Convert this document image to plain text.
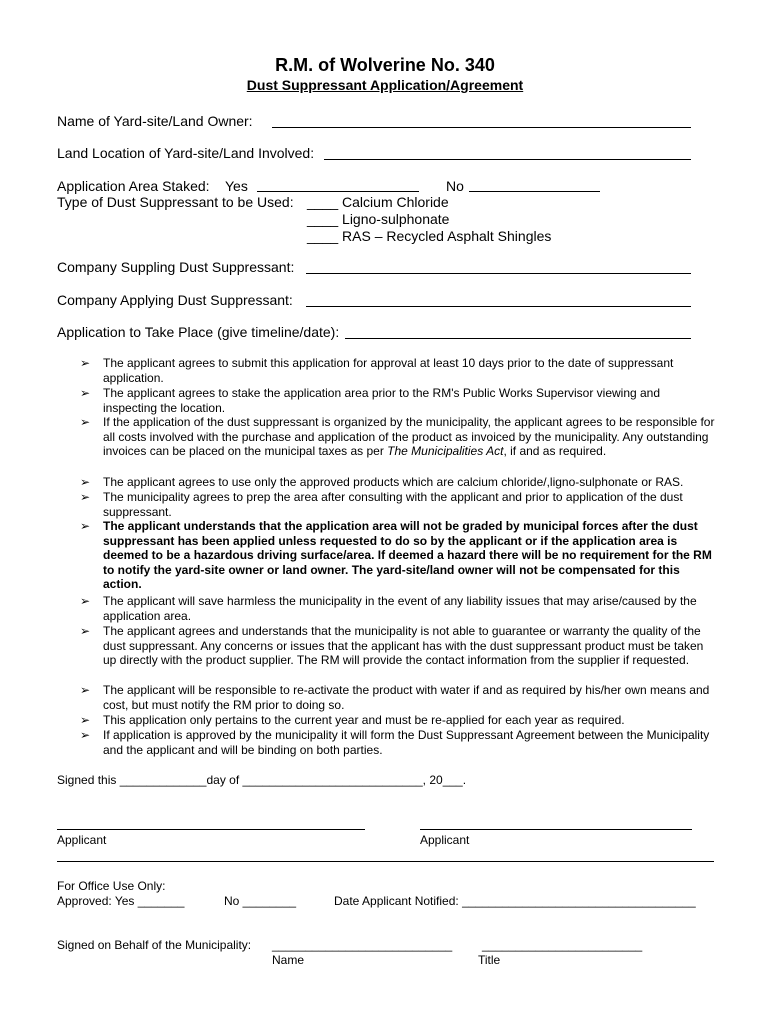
R.M. of Wolverine No. 340
Dust Suppressant Application/Agreement
Name of Yard-site/Land Owner:
Land Location of Yard-site/Land Involved:
Application Area Staked: Yes	No
Type of Dust Suppressant to be Used: ____ Calcium Chloride
____ Ligno-sulphonate
____ RAS – Recycled Asphalt Shingles
Company Suppling Dust Suppressant:
Company Applying Dust Suppressant:
Application to Take Place (give timeline/date):
➢ The applicant agrees to submit this application for approval at least 10 days prior to the date of suppressant application.
➢ The applicant agrees to stake the application area prior to the RM's Public Works Supervisor viewing and inspecting the location.
➢ If the application of the dust suppressant is organized by the municipality, the applicant agrees to be responsible for all costs involved with the purchase and application of the product as invoiced by the municipality. Any outstanding invoices can be placed on the municipal taxes as per The Municipalities Act, if and as required.
➢ The applicant agrees to use only the approved products which are calcium chloride/,ligno-sulphonate or RAS.
➢ The municipality agrees to prep the area after consulting with the applicant and prior to application of the dust suppressant.
➢ The applicant understands that the application area will not be graded by municipal forces after the dust suppressant has been applied unless requested to do so by the applicant or if the application area is deemed to be a hazardous driving surface/area. If deemed a hazard there will be no requirement for the RM to notify the yard-site owner or land owner. The yard-site/land owner will not be compensated for this action.
➢ The applicant will save harmless the municipality in the event of any liability issues that may arise/caused by the application area.
➢ The applicant agrees and understands that the municipality is not able to guarantee or warranty the quality of the dust suppressant. Any concerns or issues that the applicant has with the dust suppressant product must be taken up directly with the product supplier. The RM will provide the contact information from the supplier if requested.
➢ The applicant will be responsible to re-activate the product with water if and as required by his/her own means and cost, but must notify the RM prior to doing so.
➢ This application only pertains to the current year and must be re-applied for each year as required.
➢ If application is approved by the municipality it will form the Dust Suppressant Agreement between the Municipality and the applicant and will be binding on both parties.
Signed this _____________day of ___________________________, 20___.
Applicant	Applicant
For Office Use Only:
Approved: Yes _______	No ________	Date Applicant Notified: ___________________________________
Signed on Behalf of the Municipality: ___________________________ ________________________
Name	Title
